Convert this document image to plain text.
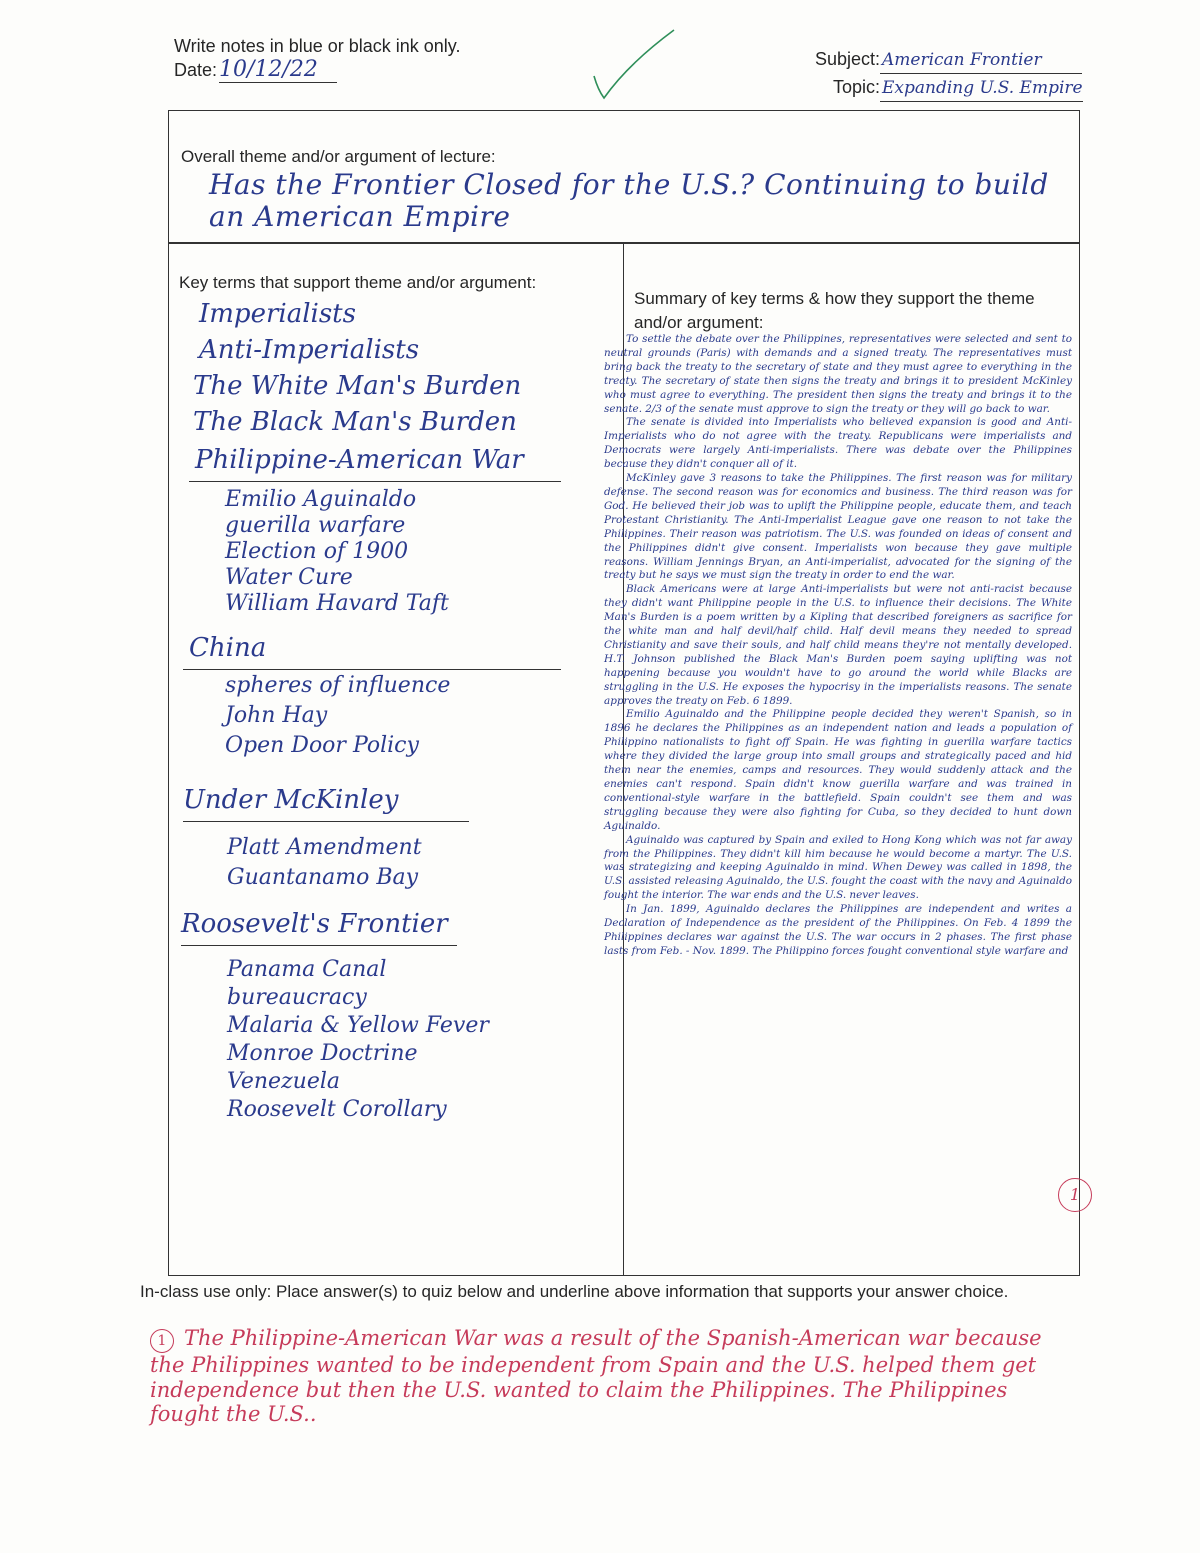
Write notes in blue or black ink only.
Date: 10/12/22	Subject: American Frontier
Topic: Expanding U.S. Empire
Overall theme and/or argument of lecture:
Has the Frontier Closed for the U.S.? Continuing to build an American Empire
Key terms that support theme and/or argument:
Imperialists
Anti-Imperialists
The White Man's Burden
The Black Man's Burden
Philippine-American War
Emilio Aguinaldo
guerilla warfare
Election of 1900
Water Cure
William Havard Taft
China
spheres of influence
John Hay
Open Door Policy
Under McKinley
Platt Amendment
Guantanamo Bay
Roosevelt's Frontier
Panama Canal
bureaucracy
Malaria & Yellow Fever
Monroe Doctrine
Venezuela
Roosevelt Corollary
Summary of key terms & how they support the theme and/or argument:

To settle the debate over the Philippines, representatives were selected and sent to neutral grounds (Paris) with demands and a signed treaty. The representatives must bring back the treaty to the secretary of state and they must agree to everything in the treaty. The secretary of state then signs the treaty and brings it to president McKinley who must agree to everything. The president then signs the treaty and brings it to the senate. 2/3 of the senate must approve to sign the treaty or they will go back to war.

The senate is divided into Imperialists who believed expansion is good and Anti-Imperialists who do not agree with the treaty. Republicans were imperialists and Democrats were largely Anti-imperialists. There was debate over the Philippines because they didn't conquer all of it.

McKinley gave 3 reasons to take the Philippines. The first reason was for military defense. The second reason was for economics and business. The third reason was for God. He believed their job was to uplift the Philippine people, educate them, and teach Protestant Christianity. The Anti-Imperialist League gave one reason to not take the Philippines. Their reason was patriotism. The U.S. was founded on ideas of consent and the Philippines didn't give consent. Imperialists won because they gave multiple reasons. William Jennings Bryan, an Anti-imperialist, advocated for the signing of the treaty but he says we must sign the treaty in order to end the war.

Black Americans were at large Anti-imperialists but were not anti-racist because they didn't want Philippine people in the U.S. to influence their decisions. The White Man's Burden is a poem written by a Kipling that described foreigners as sacrifice for the white man and half devil/half child. Half devil means they needed to spread Christianity and save their souls, and half child means they're not mentally developed. H.T. Johnson published the Black Man's Burden poem saying uplifting was not happening because you wouldn't have to go around the world while Blacks are struggling in the U.S. He exposes the hypocrisy in the imperialists reasons. The senate approves the treaty on Feb. 6 1899.

Emilio Aguinaldo and the Philippine people decided they weren't Spanish, so in 1896 he declares the Philippines as an independent nation and leads a population of Philippino nationalists to fight off Spain. He was fighting in guerilla warfare tactics where they divided the large group into small groups and strategically paced and hid them near the enemies, camps and resources. They would suddenly attack and the enemies can't respond. Spain didn't know guerilla warfare and was trained in conventional-style warfare in the battlefield. Spain couldn't see them and was struggling because they were also fighting for Cuba, so they decided to hunt down Aguinaldo.

Aguinaldo was captured by Spain and exiled to Hong Kong which was not far away from the Philippines. They didn't kill him because he would become a martyr. The U.S. was strategizing and keeping Aguinaldo in mind. When Dewey was called in 1898, the U.S. assisted releasing Aguinaldo, the U.S. fought the coast with the navy and Aguinaldo fought the interior. The war ends and the U.S. never leaves.

In Jan. 1899, Aguinaldo declares the Philippines are independent and writes a Declaration of Independence as the president of the Philippines. On Feb. 4 1899 the Philippines declares war against the U.S. The war occurs in 2 phases. The first phase lasts from Feb. - Nov. 1899. The Philippino forces fought conventional style warfare and

1
In-class use only: Place answer(s) to quiz below and underline above information that supports your answer choice.
1 The Philippine-American War was a result of the Spanish-American war because the Philippines wanted to be independent from Spain and the U.S. helped them get independence but then the U.S. wanted to claim the Philippines. The Philippines fought the U.S..
